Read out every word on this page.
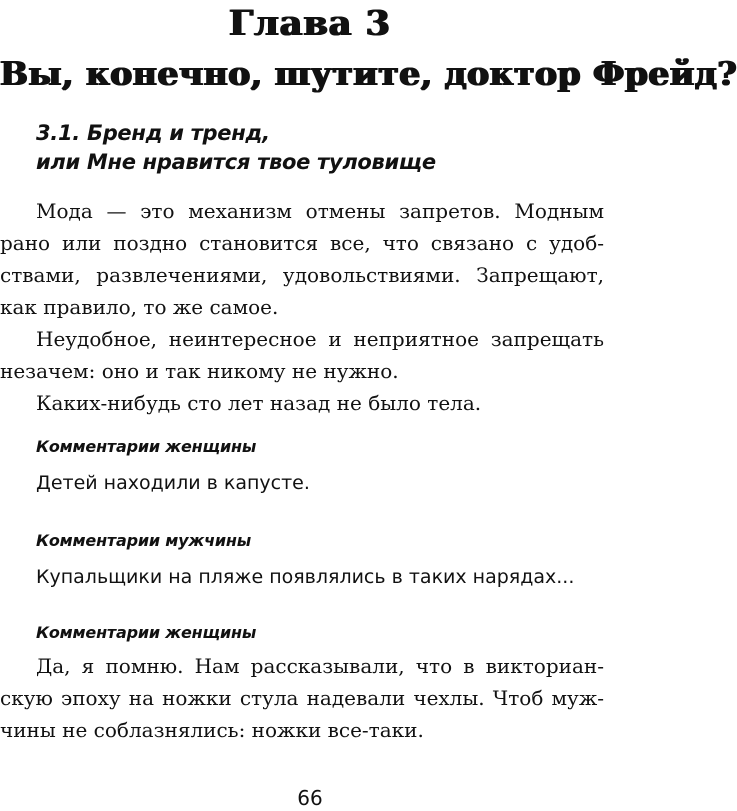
Глава 3
Вы, конечно, шутите, доктор Фрейд?
3.1. Бренд и тренд,
или Мне нравится твое туловище

Мода — это механизм отмены запретов. Модным рано или поздно становится все, что связано с удобствами, развлечениями, удовольствиями. Запрещают, как правило, то же самое.

Неудобное, неинтересное и неприятное запрещать незачем: оно и так никому не нужно.

Каких-нибудь сто лет назад не было тела.

Комментарии женщины
Детей находили в капусте.
Комментарии мужчины
Купальщики на пляже появлялись в таких нарядах...
Комментарии женщины

Да, я помню. Нам рассказывали, что в викторианскую эпоху на ножки стула надевали чехлы. Чтоб мужчины не соблазнялись: ножки все-таки.

66
